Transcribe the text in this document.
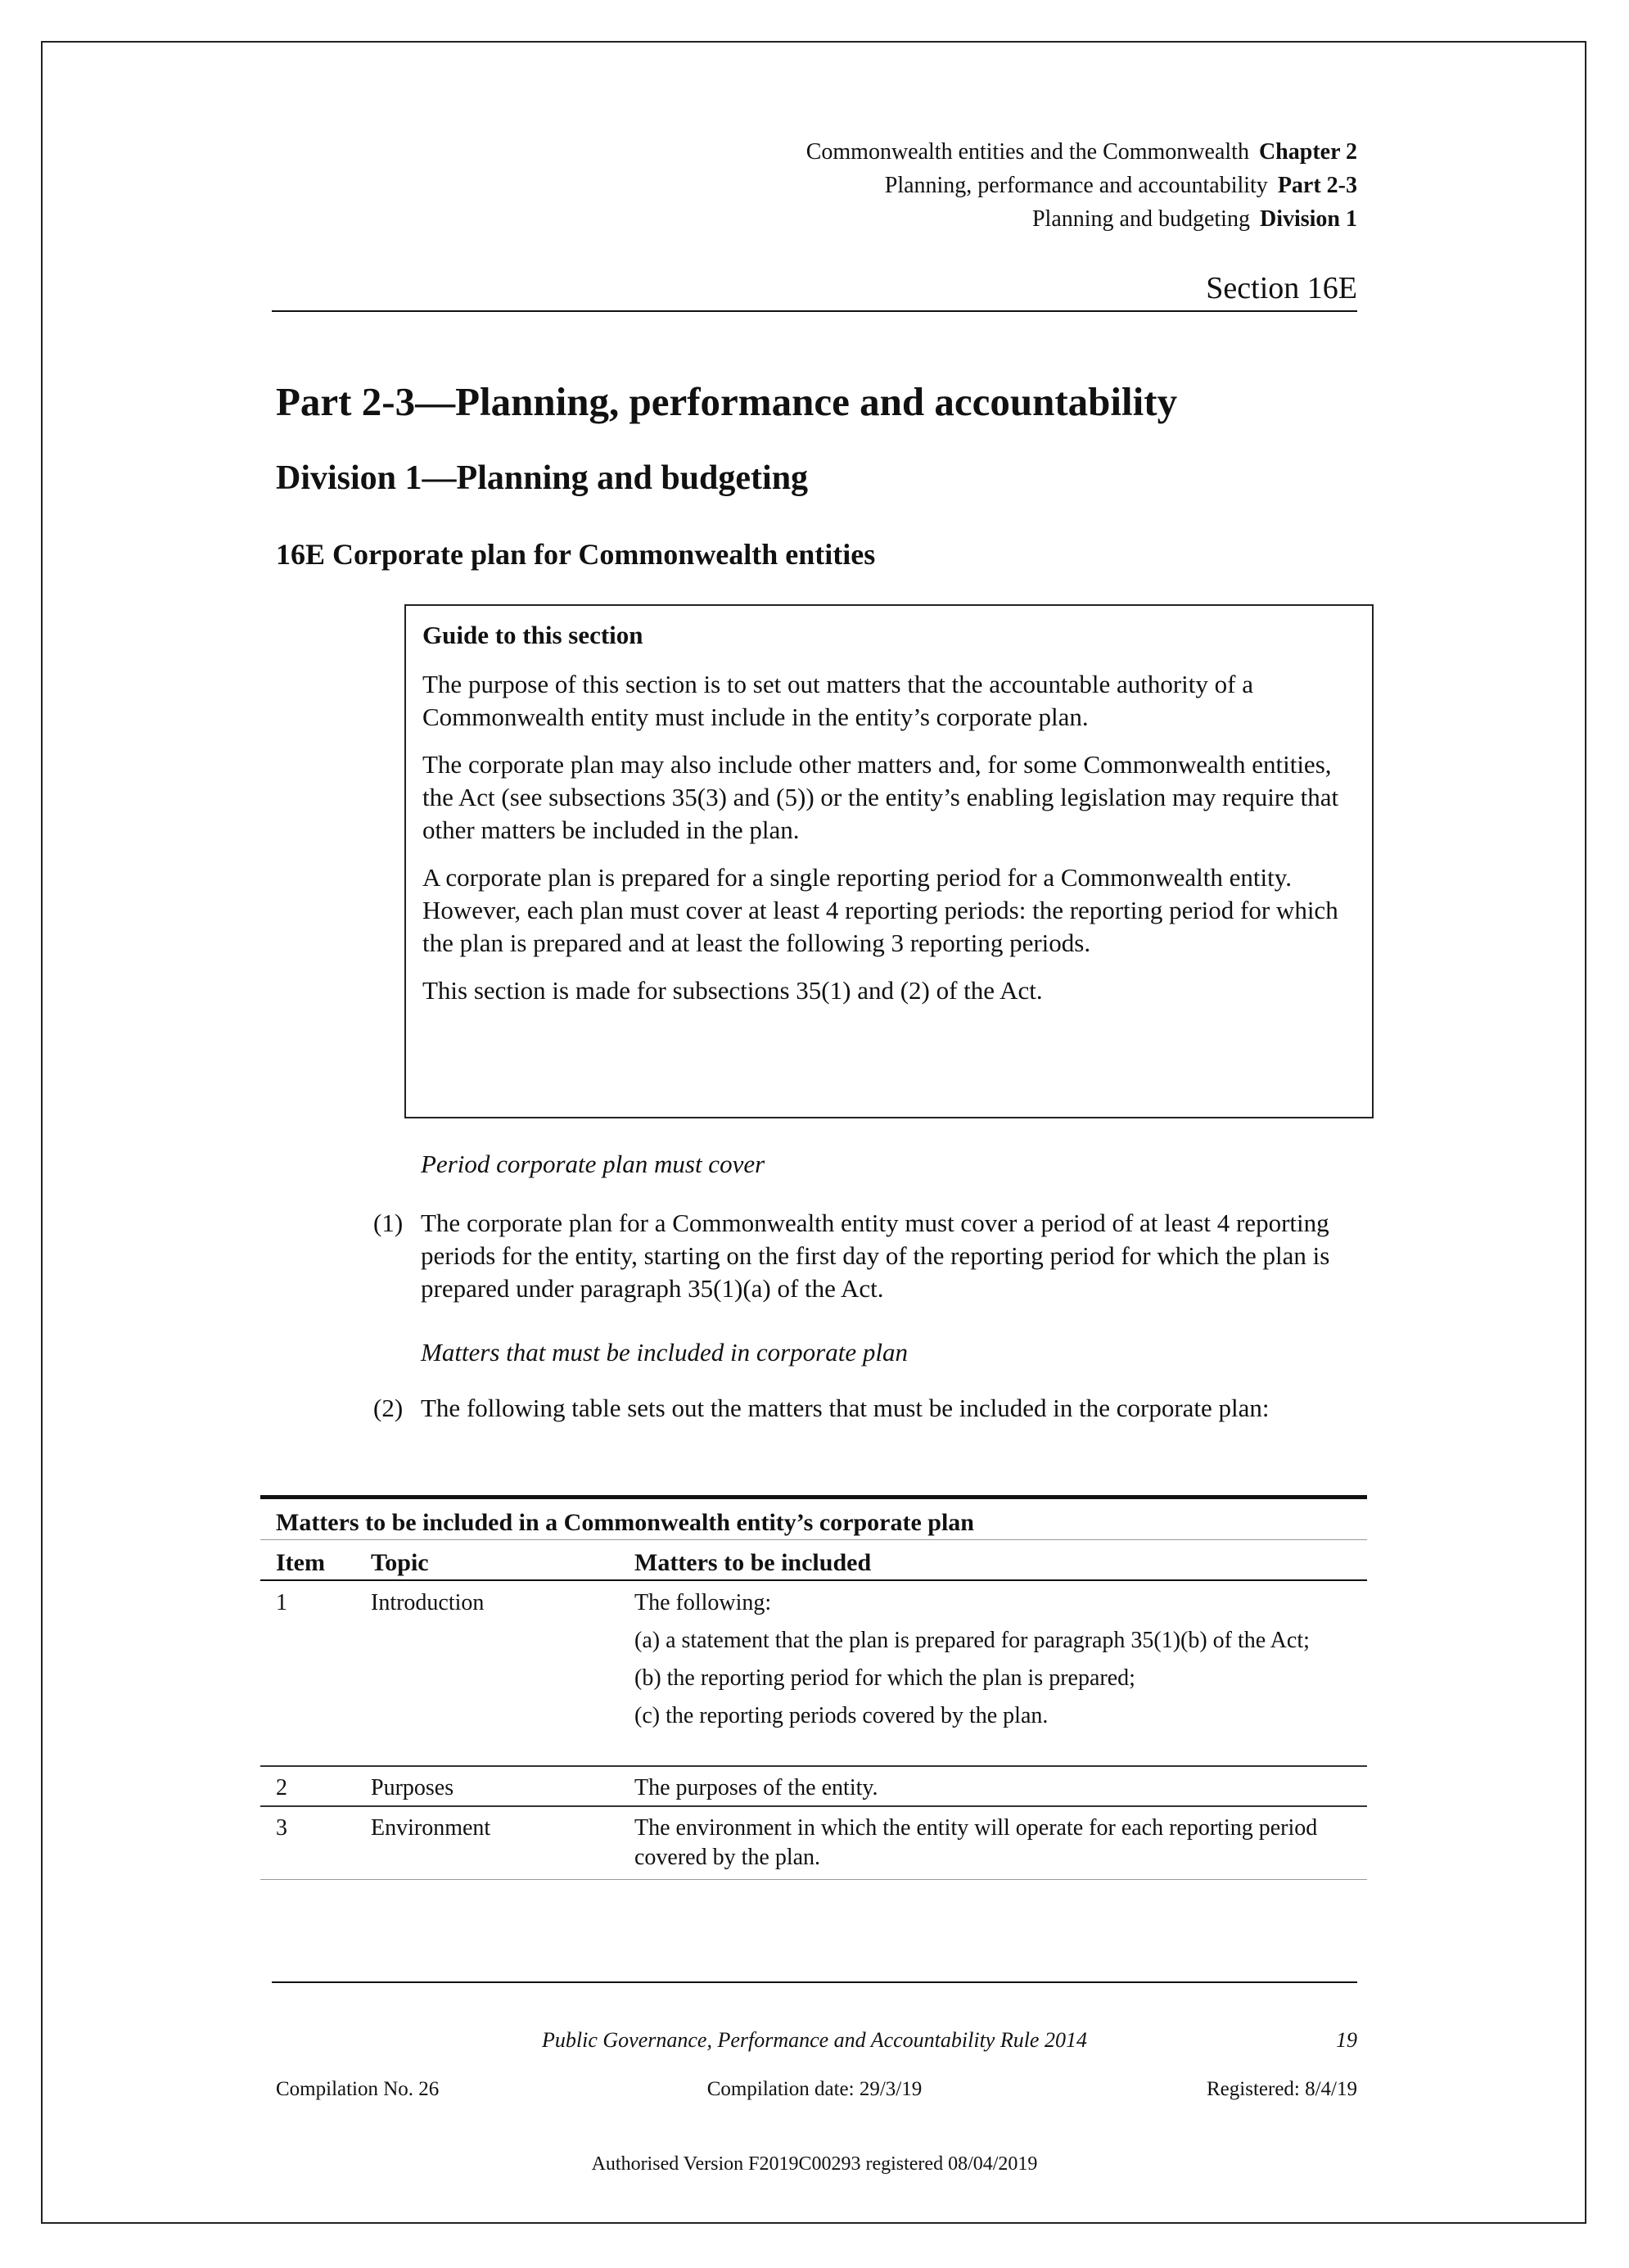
Commonwealth entities and the Commonwealth Chapter 2
Planning, performance and accountability Part 2-3
Planning and budgeting Division 1
Section 16E
Part 2-3—Planning, performance and accountability
Division 1—Planning and budgeting
16E Corporate plan for Commonwealth entities
Guide to this section

The purpose of this section is to set out matters that the accountable authority of a Commonwealth entity must include in the entity’s corporate plan.

The corporate plan may also include other matters and, for some Commonwealth entities, the Act (see subsections 35(3) and (5)) or the entity’s enabling legislation may require that other matters be included in the plan.

A corporate plan is prepared for a single reporting period for a Commonwealth entity. However, each plan must cover at least 4 reporting periods: the reporting period for which the plan is prepared and at least the following 3 reporting periods.

This section is made for subsections 35(1) and (2) of the Act.

Period corporate plan must cover
(1) The corporate plan for a Commonwealth entity must cover a period of at least 4 reporting periods for the entity, starting on the first day of the reporting period for which the plan is prepared under paragraph 35(1)(a) of the Act.
Matters that must be included in corporate plan
(2) The following table sets out the matters that must be included in the corporate plan:
Matters to be included in a Commonwealth entity’s corporate plan
Item Topic	Matters to be included
1	Introduction	The following:
(a) a statement that the plan is prepared for paragraph 35(1)(b) of the Act;
(b) the reporting period for which the plan is prepared;
(c) the reporting periods covered by the plan.
2	Purposes	The purposes of the entity.
3	Environment	The environment in which the entity will operate for each reporting period covered by the plan.
Public Governance, Performance and Accountability Rule 2014	19
Compilation No. 26	Compilation date: 29/3/19	Registered: 8/4/19
Authorised Version F2019C00293 registered 08/04/2019
